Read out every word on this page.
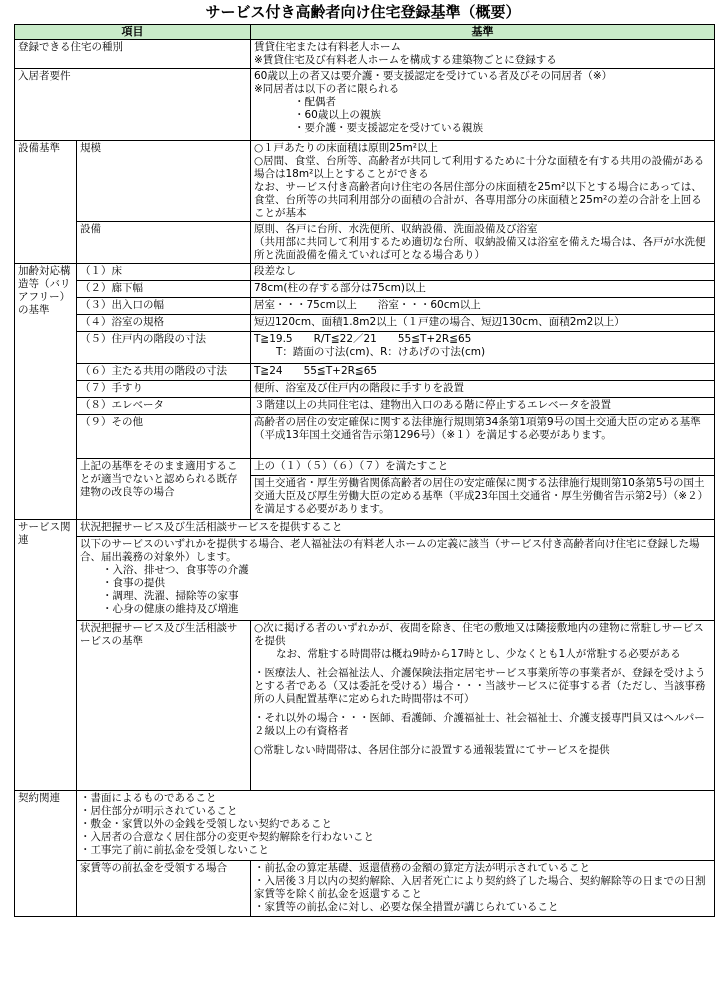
サービス付き高齢者向け住宅登録基準（概要）
項目		基準
登録できる住宅の種別		賃貸住宅または有料老人ホーム
※賃貸住宅及び有料老人ホームを構成する建築物ごとに登録する

入居者要件		60歳以上の者又は要介護・要支援認定を受けている者及びその同居者（※）
※同居者は以下の者に限られる
・配偶者
・60歳以上の親族
・要介護・要支援認定を受けている親族

設備基準	規模	○１戸あたりの床面積は原則25m²以上
○居間、食堂、台所等、高齢者が共同して利用するために十分な面積を有する共用の設備がある場合は18m²以上とすることができる
なお、サービス付き高齢者向け住宅の各居住部分の床面積を25m²以下とする場合にあっては、食堂、台所等の共同利用部分の面積の合計が、各専用部分の床面積と25m²の差の合計を上回ることが基本

	設備	原則、各戸に台所、水洗便所、収納設備、洗面設備及び浴室
（共用部に共同して利用するため適切な台所、収納設備又は浴室を備えた場合は、各戸が水洗便所と洗面設備を備えていれば可となる場合あり）

加齢対応構造等（バリアフリー）の基準	（１）床	段差なし
	（２）廊下幅	78cm(柱の存する部分は75cm)以上
	（３）出入口の幅	居室・・・75cm以上　　浴室・・・60cm以上
	（４）浴室の規格	短辺120cm、面積1.8m2以上（１戸建の場合、短辺130cm、面積2m2以上）
	（５）住戸内の階段の寸法	T≧19.5　　R/T≦22／21　　55≦T+2R≦65
T：踏面の寸法(cm)、R：けあげの寸法(cm)

	（６）主たる共用の階段の寸法	T≧24　　55≦T+2R≦65
	（７）手すり	便所、浴室及び住戸内の階段に手すりを設置
	（８）エレベータ	３階建以上の共同住宅は、建物出入口のある階に停止するエレベータを設置
	（９）その他	高齢者の居住の安定確保に関する法律施行規則第34条第1項第9号の国土交通大臣の定める基準（平成13年国土交通省告示第1296号）（※１）を満足する必要があります。
	上記の基準をそのまま適用することが適当でないと認められる既存建物の改良等の場合	上の（１）（５）（６）（７）を満たすこと
		国土交通省・厚生労働省関係高齢者の居住の安定確保に関する法律施行規則第10条第5号の国土交通大臣及び厚生労働大臣の定める基準（平成23年国土交通省・厚生労働省告示第2号）（※２）を満足する必要があります。
サービス関連	状況把握サービス及び生活相談サービスを提供すること	

	以下のサービスのいずれかを提供する場合、老人福祉法の有料老人ホームの定義に該当（サービス付き高齢者向け住宅に登録した場合、届出義務の対象外）します。
・入浴、排せつ、食事等の介護
・食事の提供
・調理、洗濯、掃除等の家事
・心身の健康の維持及び増進	

	状況把握サービス及び生活相談サービスの基準	○次に掲げる者のいずれかが、夜間を除き、住宅の敷地又は隣接敷地内の建物に常駐しサービスを提供
なお、常駐する時間帯は概ね9時から17時とし、少なくとも1人が常駐する必要がある
・医療法人、社会福祉法人、介護保険法指定居宅サービス事業所等の事業者が、登録を受けようとする者である（又は委託を受ける）場合・・・当該サービスに従事する者（ただし、当該事務所の人員配置基準に定められた時間帯は不可）
・それ以外の場合・・・医師、看護師、介護福祉士、社会福祉士、介護支援専門員又はヘルパー２級以上の有資格者
○常駐しない時間帯は、各居住部分に設置する通報装置にてサービスを提供

契約関連	・書面によるものであること
・居住部分が明示されていること
・敷金・家賃以外の金銭を受領しない契約であること
・入居者の合意なく居住部分の変更や契約解除を行わないこと
・工事完了前に前払金を受領しないこと	

	家賃等の前払金を受領する場合	・前払金の算定基礎、返還債務の金額の算定方法が明示されていること
・入居後３月以内の契約解除、入居者死亡により契約終了した場合、契約解除等の日までの日割家賃等を除く前払金を返還すること
・家賃等の前払金に対し、必要な保全措置が講じられていること
